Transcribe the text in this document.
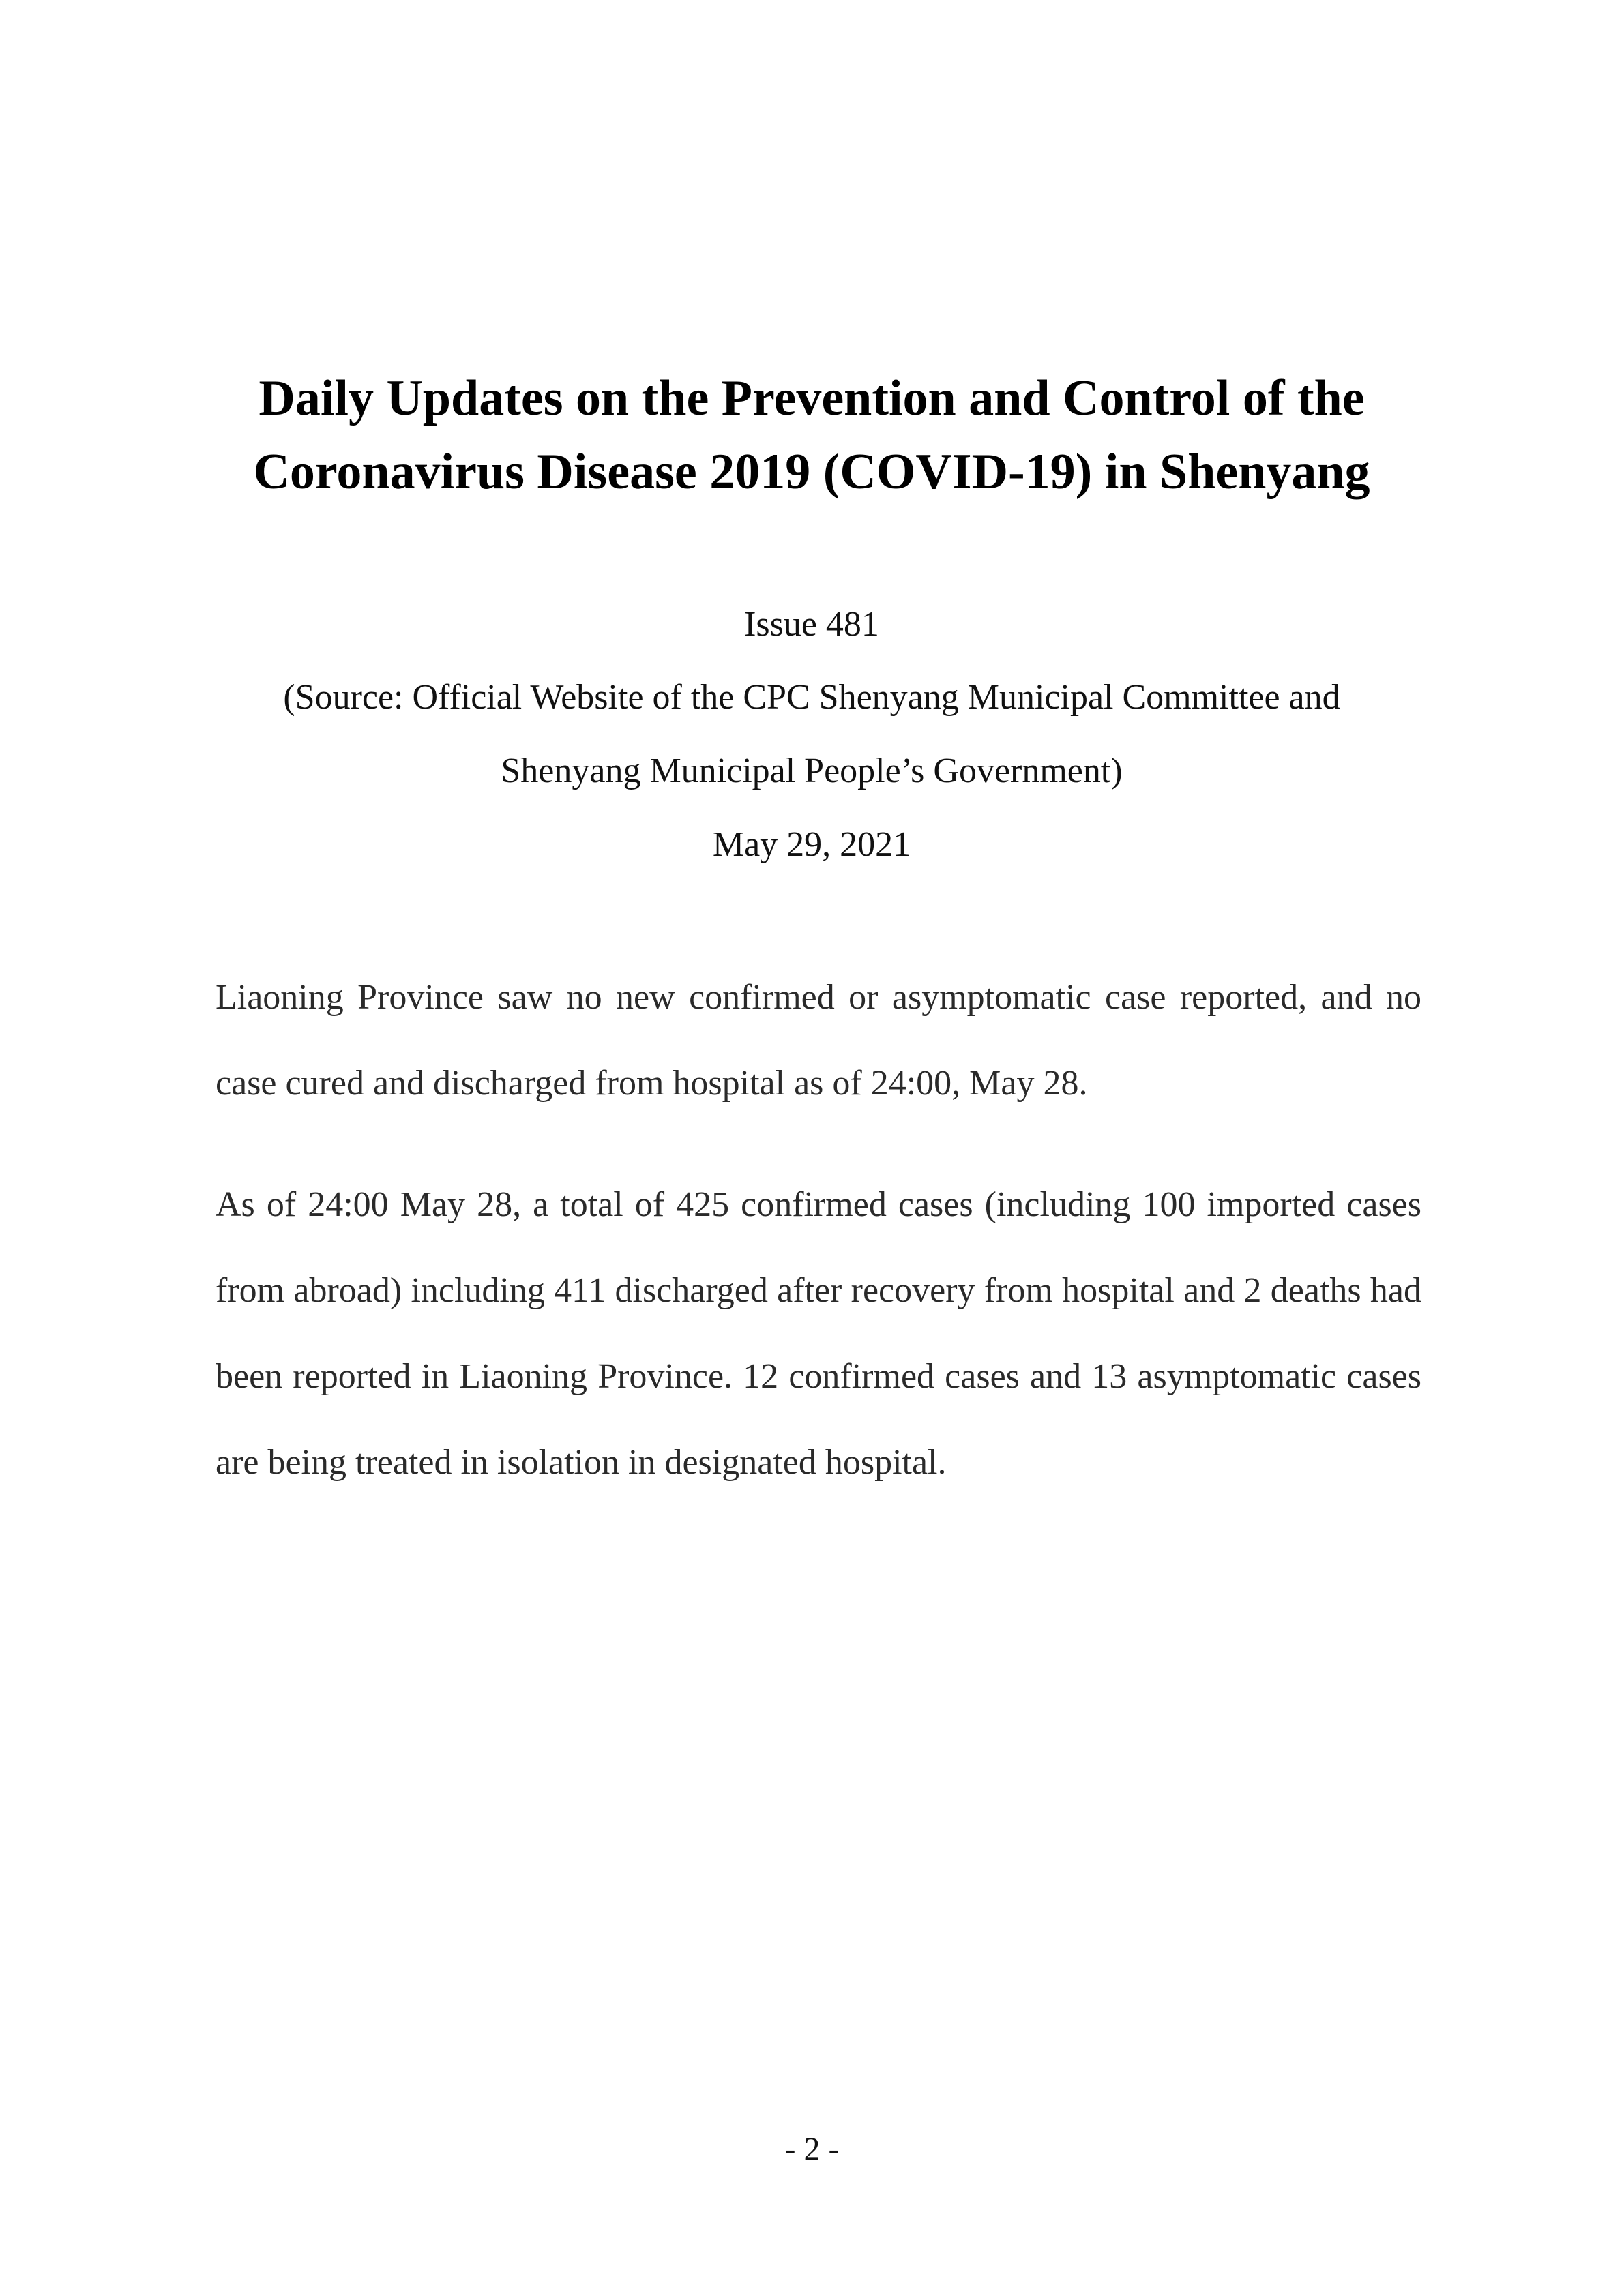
Daily Updates on the Prevention and Control of the Coronavirus Disease 2019 (COVID-19) in Shenyang

Issue 481

(Source: Official Website of the CPC Shenyang Municipal Committee and

Shenyang Municipal People’s Government)

May 29, 2021

Liaoning Province saw no new confirmed or asymptomatic case reported, and no case cured and discharged from hospital as of 24:00, May 28.

As of 24:00 May 28, a total of 425 confirmed cases (including 100 imported cases from abroad) including 411 discharged after recovery from hospital and 2 deaths had been reported in Liaoning Province. 12 confirmed cases and 13 asymptomatic cases are being treated in isolation in designated hospital.

- 2 -
